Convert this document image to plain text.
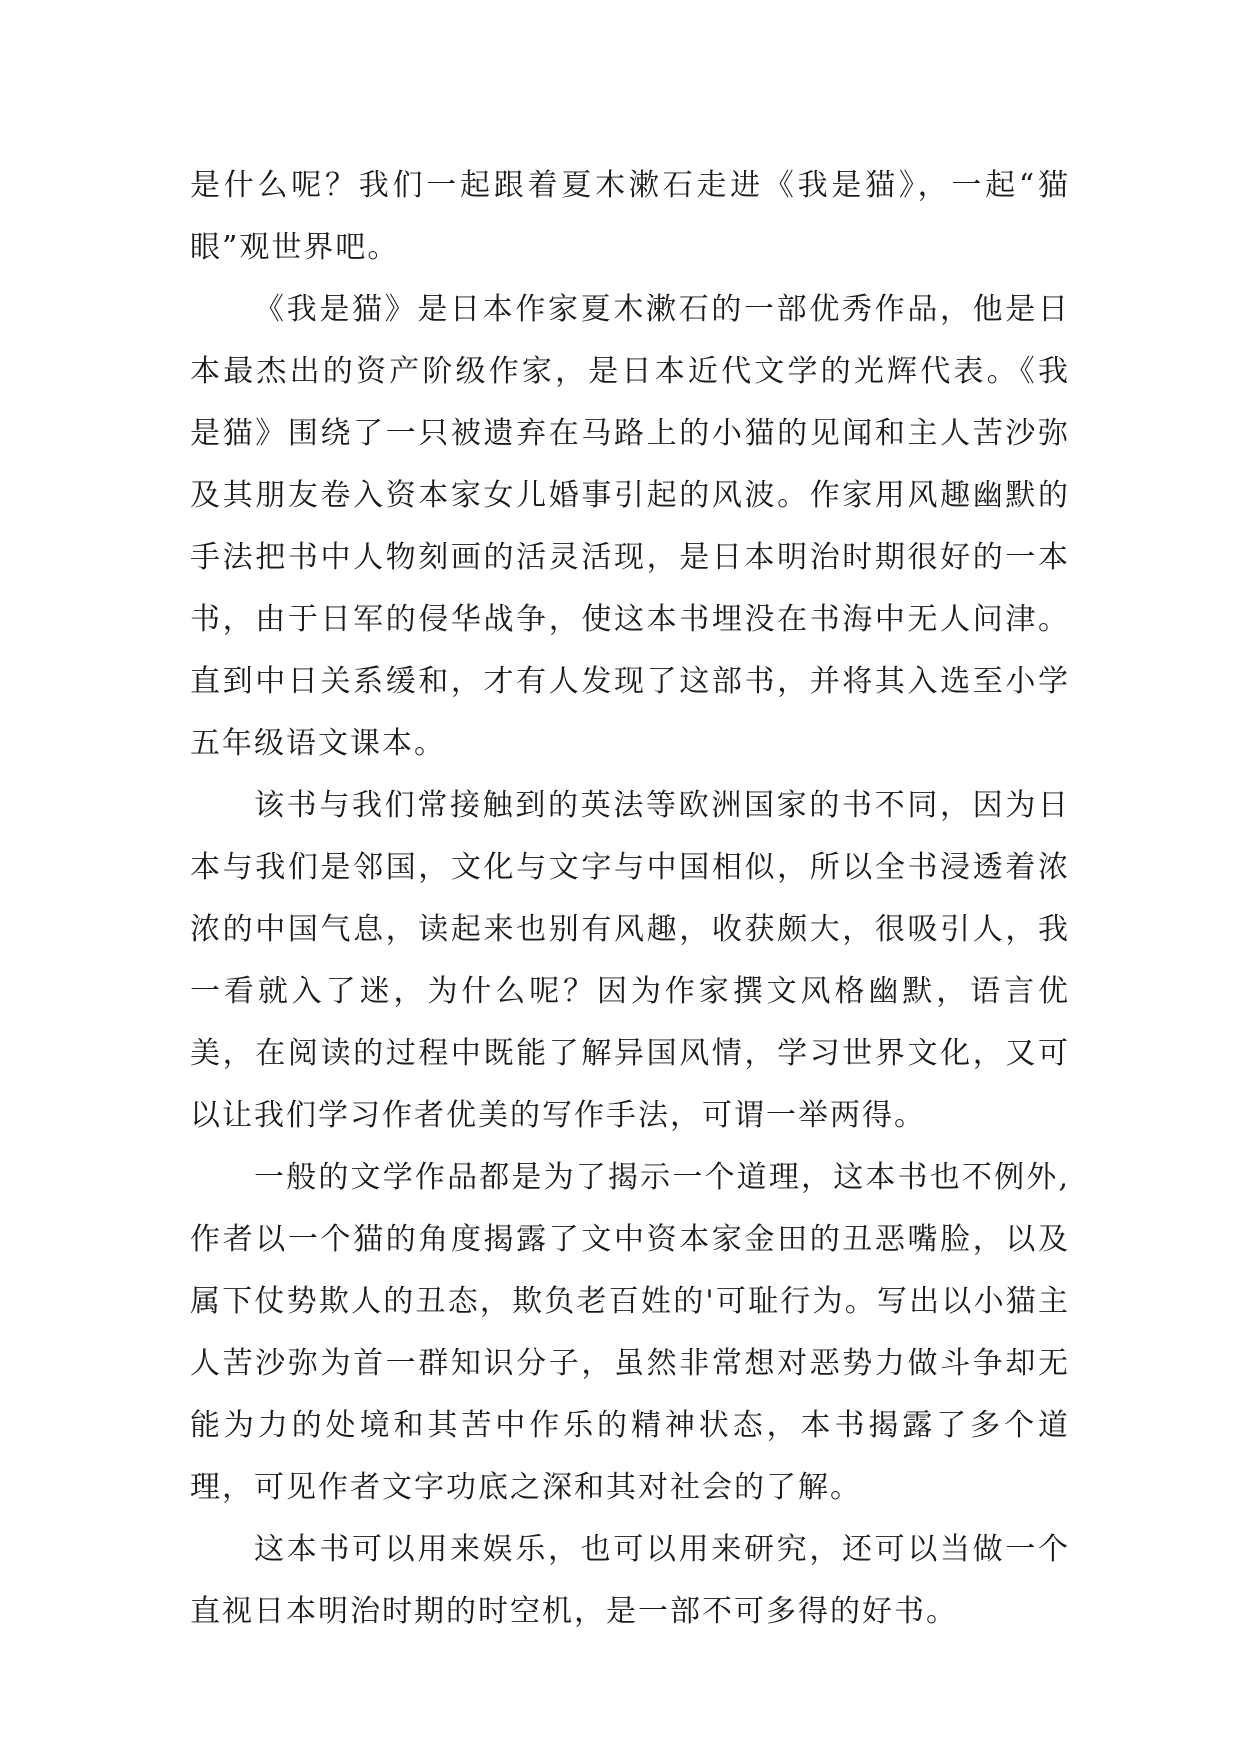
是什么呢？我们一起跟着夏木漱石走进《我是猫》，一起“猫眼”观世界吧。

《我是猫》是日本作家夏木漱石的一部优秀作品，他是日本最杰出的资产阶级作家，是日本近代文学的光辉代表。《我是猫》围绕了一只被遗弃在马路上的小猫的见闻和主人苦沙弥及其朋友卷入资本家女儿婚事引起的风波。作家用风趣幽默的手法把书中人物刻画的活灵活现，是日本明治时期很好的一本书，由于日军的侵华战争，使这本书埋没在书海中无人问津。直到中日关系缓和，才有人发现了这部书，并将其入选至小学五年级语文课本。

该书与我们常接触到的英法等欧洲国家的书不同，因为日本与我们是邻国，文化与文字与中国相似，所以全书浸透着浓浓的中国气息，读起来也别有风趣，收获颇大，很吸引人，我一看就入了迷，为什么呢？因为作家撰文风格幽默，语言优美，在阅读的过程中既能了解异国风情，学习世界文化，又可以让我们学习作者优美的写作手法，可谓一举两得。

一般的文学作品都是为了揭示一个道理，这本书也不例外,作者以一个猫的角度揭露了文中资本家金田的丑恶嘴脸，以及属下仗势欺人的丑态，欺负老百姓的'可耻行为。写出以小猫主人苦沙弥为首一群知识分子，虽然非常想对恶势力做斗争却无能为力的处境和其苦中作乐的精神状态，本书揭露了多个道理，可见作者文字功底之深和其对社会的了解。

这本书可以用来娱乐，也可以用来研究，还可以当做一个直视日本明治时期的时空机，是一部不可多得的好书。
